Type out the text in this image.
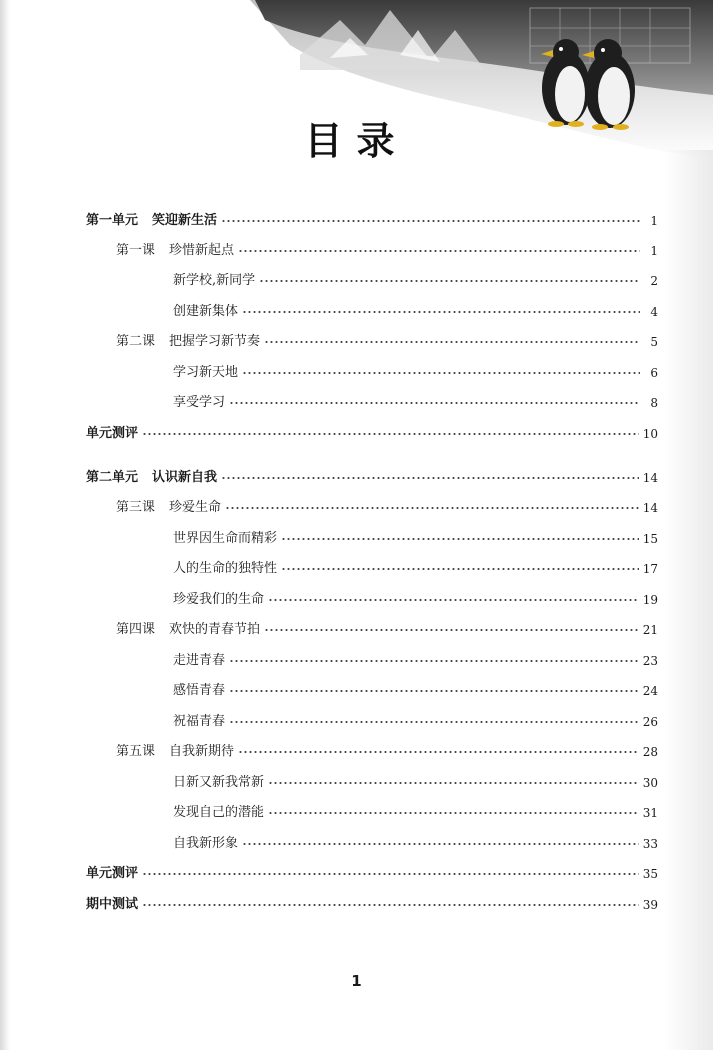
目录
第一单元 笑迎新生活	1
第一课 珍惜新起点	1
新学校,新同学	2
创建新集体	4
第二课 把握学习新节奏	5
学习新天地	6
享受学习	8
单元测评	10
第二单元 认识新自我	14
第三课 珍爱生命	14
世界因生命而精彩	15
人的生命的独特性	17
珍爱我们的生命	19
第四课 欢快的青春节拍	21
走进青春	23
感悟青春	24
祝福青春	26
第五课 自我新期待	28
日新又新我常新	30
发现自己的潜能	31
自我新形象	33
单元测评	35
期中测试	39
1
